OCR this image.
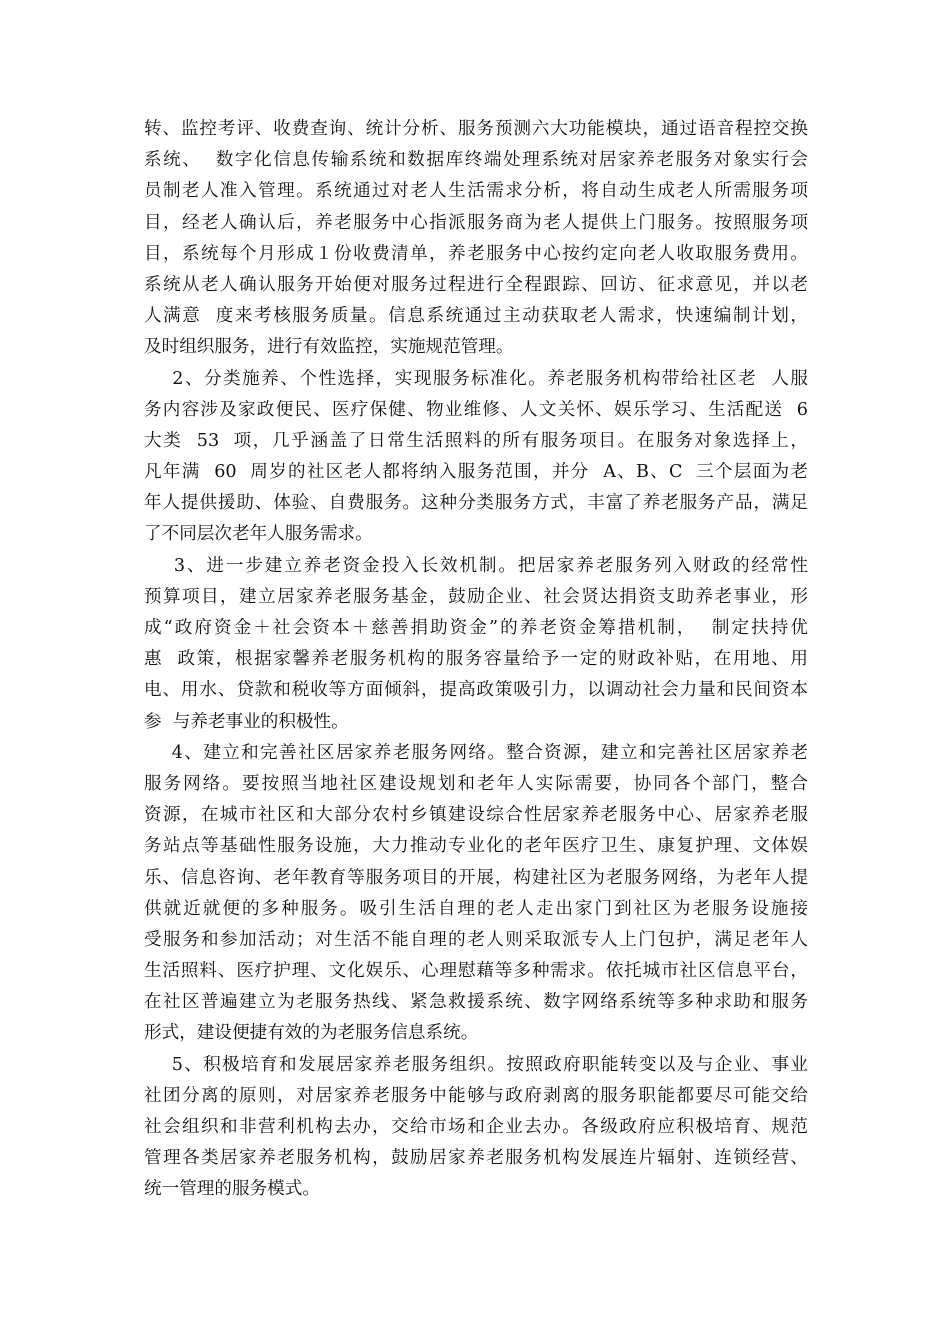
转、监控考评、收费查询、统计分析、服务预测六大功能模块，通过语音程控交换
系统、  数字化信息传输系统和数据库终端处理系统对居家养老服务对象实行会
员制老人准入管理。系统通过对老人生活需求分析，将自动生成老人所需服务项
目，经老人确认后，养老服务中心指派服务商为老人提供上门服务。按照服务项
目，系统每个月形成１份收费清单，养老服务中心按约定向老人收取服务费用。
系统从老人确认服务开始便对服务过程进行全程跟踪、回访、征求意见，并以老
人满意  度来考核服务质量。信息系统通过主动获取老人需求，快速编制计划，
及时组织服务，进行有效监控，实施规范管理。
2、分类施养、个性选择，实现服务标准化。养老服务机构带给社区老  人服
务内容涉及家政便民、医疗保健、物业维修、人文关怀、娱乐学习、生活配送  6
大类  53  项，几乎涵盖了日常生活照料的所有服务项目。在服务对象选择上，
凡年满  60  周岁的社区老人都将纳入服务范围，并分  A、B、C  三个层面为老
年人提供援助、体验、自费服务。这种分类服务方式，丰富了养老服务产品，满足
了不同层次老年人服务需求。
3、进一步建立养老资金投入长效机制。把居家养老服务列入财政的经常性
预算项目，建立居家养老服务基金，鼓励企业、社会贤达捐资支助养老事业，形
成“政府资金＋社会资本＋慈善捐助资金”的养老资金筹措机制，  制定扶持优
惠  政策，根据家馨养老服务机构的服务容量给予一定的财政补贴，在用地、用
电、用水、贷款和税收等方面倾斜，提高政策吸引力，以调动社会力量和民间资本
参  与养老事业的积极性。
4、建立和完善社区居家养老服务网络。整合资源，建立和完善社区居家养老
服务网络。要按照当地社区建设规划和老年人实际需要，协同各个部门，整合
资源，在城市社区和大部分农村乡镇建设综合性居家养老服务中心、居家养老服
务站点等基础性服务设施，大力推动专业化的老年医疗卫生、康复护理、文体娱
乐、信息咨询、老年教育等服务项目的开展，构建社区为老服务网络，为老年人提
供就近就便的多种服务。吸引生活自理的老人走出家门到社区为老服务设施接
受服务和参加活动；对生活不能自理的老人则采取派专人上门包护，满足老年人
生活照料、医疗护理、文化娱乐、心理慰藉等多种需求。依托城市社区信息平台，
在社区普遍建立为老服务热线、紧急救援系统、数字网络系统等多种求助和服务
形式，建设便捷有效的为老服务信息系统。
5、积极培育和发展居家养老服务组织。按照政府职能转变以及与企业、事业
社团分离的原则，对居家养老服务中能够与政府剥离的服务职能都要尽可能交给
社会组织和非营利机构去办，交给市场和企业去办。各级政府应积极培育、规范
管理各类居家养老服务机构，鼓励居家养老服务机构发展连片辐射、连锁经营、
统一管理的服务模式。
